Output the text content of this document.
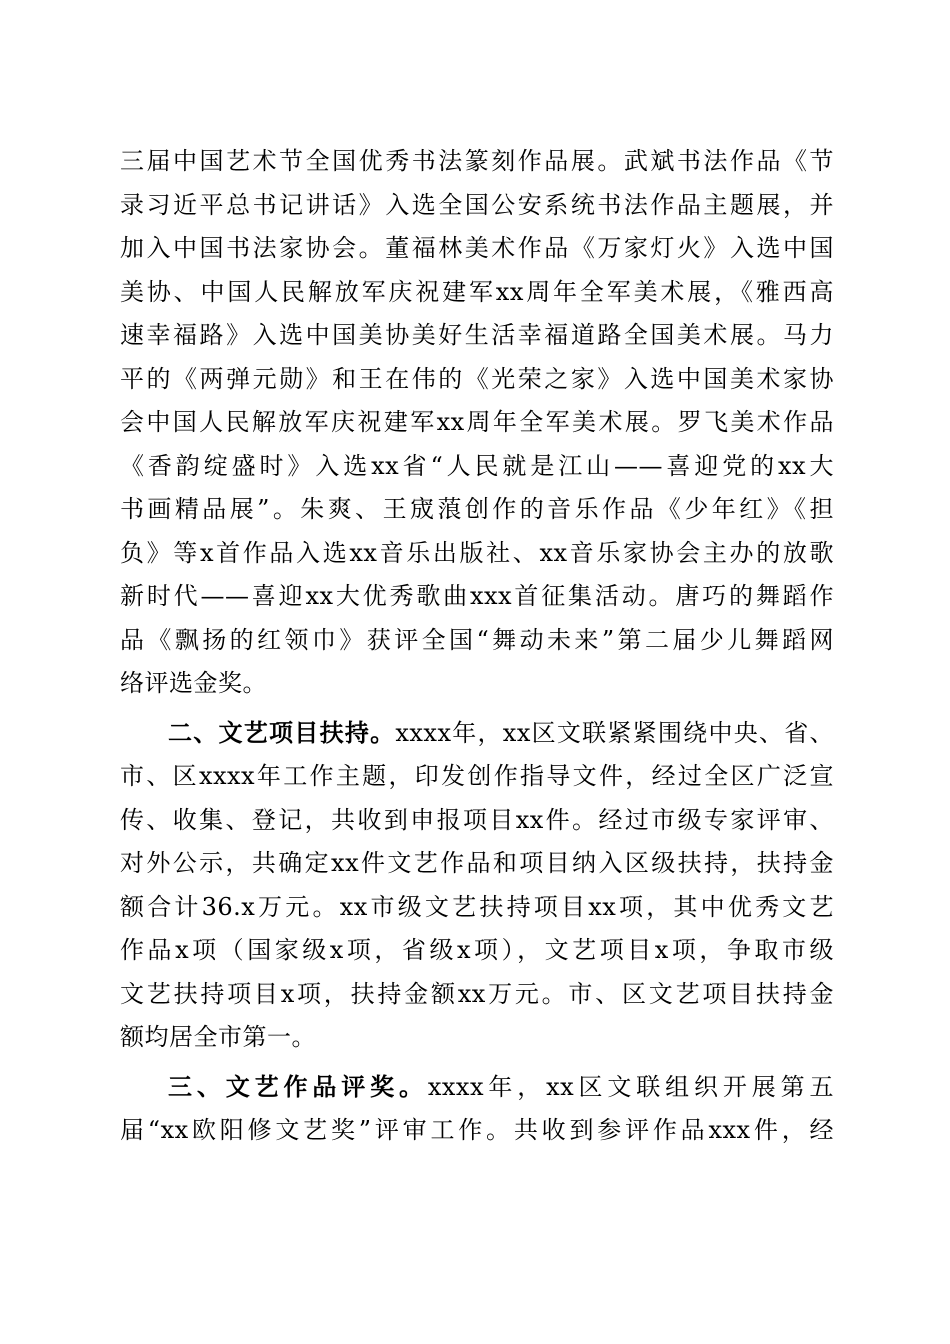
三届中国艺术节全国优秀书法篆刻作品展。武斌书法作品《节
录习近平总书记讲话》入选全国公安系统书法作品主题展，并
加入中国书法家协会。董福林美术作品《万家灯火》入选中国
美协、中国人民解放军庆祝建军xx周年全军美术展，《雅西高
速幸福路》入选中国美协美好生活幸福道路全国美术展。马力
平的《两弹元勋》和王在伟的《光荣之家》入选中国美术家协
会中国人民解放军庆祝建军xx周年全军美术展。罗飞美术作品
《香韵绽盛时》入选xx省“人民就是江山——喜迎党的xx大
书画精品展”。朱爽、王宬蒗创作的音乐作品《少年红》《担
负》等x首作品入选xx音乐出版社、xx音乐家协会主办的放歌
新时代——喜迎xx大优秀歌曲xxx首征集活动。唐巧的舞蹈作
品《飘扬的红领巾》获评全国“舞动未来”第二届少儿舞蹈网
络评选金奖。
二、文艺项目扶持。xxxx年，xx区文联紧紧围绕中央、省、
市、区xxxx年工作主题，印发创作指导文件，经过全区广泛宣
传、收集、登记，共收到申报项目xx件。经过市级专家评审、
对外公示，共确定xx件文艺作品和项目纳入区级扶持，扶持金
额合计36.x万元。xx市级文艺扶持项目xx项，其中优秀文艺
作品x项（国家级x项，省级x项），文艺项目x项，争取市级
文艺扶持项目x项，扶持金额xx万元。市、区文艺项目扶持金
额均居全市第一。
三、文艺作品评奖。xxxx年，xx区文联组织开展第五
届“xx欧阳修文艺奖”评审工作。共收到参评作品xxx件，经
